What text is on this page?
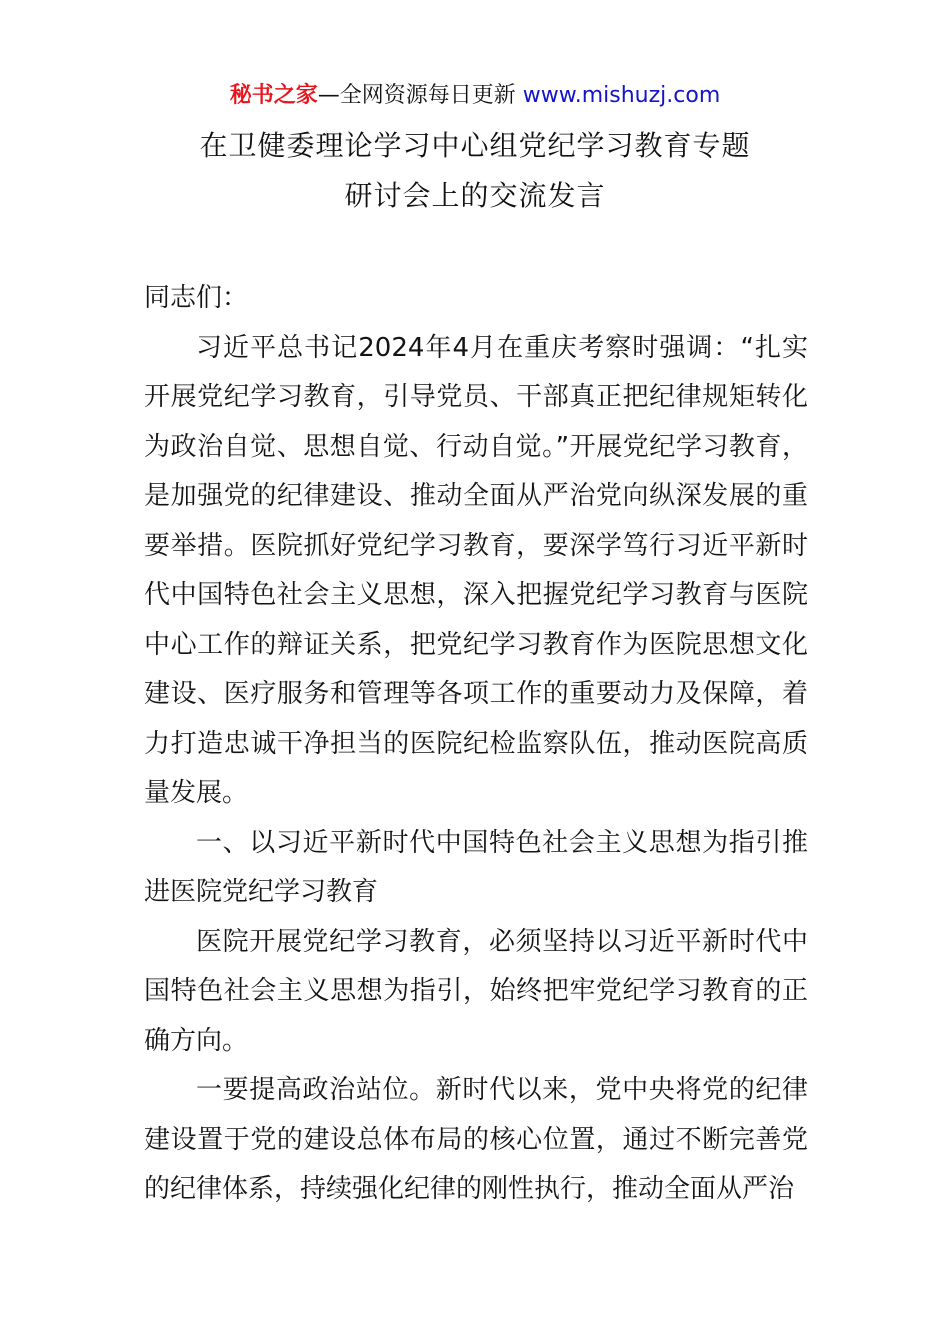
秘书之家—全网资源每日更新 www.mishuzj.com
在卫健委理论学习中心组党纪学习教育专题
研讨会上的交流发言

同志们：

习近平总书记2024年4月在重庆考察时强调：“扎实开展党纪学习教育，引导党员、干部真正把纪律规矩转化为政治自觉、思想自觉、行动自觉。”开展党纪学习教育，是加强党的纪律建设、推动全面从严治党向纵深发展的重要举措。医院抓好党纪学习教育，要深学笃行习近平新时代中国特色社会主义思想，深入把握党纪学习教育与医院中心工作的辩证关系，把党纪学习教育作为医院思想文化建设、医疗服务和管理等各项工作的重要动力及保障，着力打造忠诚干净担当的医院纪检监察队伍，推动医院高质量发展。

一、以习近平新时代中国特色社会主义思想为指引推进医院党纪学习教育

医院开展党纪学习教育，必须坚持以习近平新时代中国特色社会主义思想为指引，始终把牢党纪学习教育的正确方向。

一要提高政治站位。新时代以来，党中央将党的纪律建设置于党的建设总体布局的核心位置，通过不断完善党的纪律体系，持续强化纪律的刚性执行，推动全面从严治
